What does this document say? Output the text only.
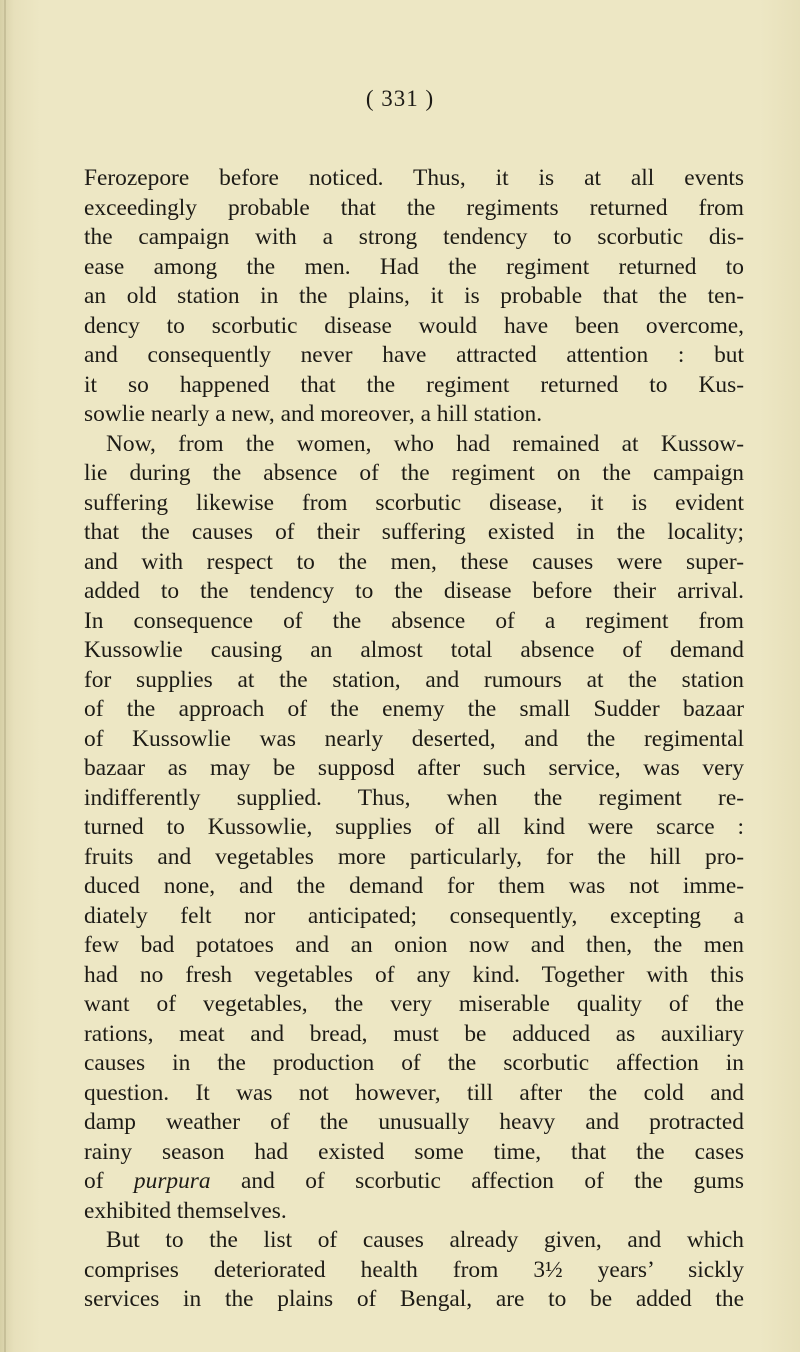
( 331 )
Ferozepore before noticed. Thus, it is at all events
exceedingly probable that the regiments returned from
the campaign with a strong tendency to scorbutic dis-
ease among the men. Had the regiment returned to
an old station in the plains, it is probable that the ten-
dency to scorbutic disease would have been overcome,
and consequently never have attracted attention : but
it so happened that the regiment returned to Kus-
sowlie nearly a new, and moreover, a hill station.
Now, from the women, who had remained at Kussow-
lie during the absence of the regiment on the campaign
suffering likewise from scorbutic disease, it is evident
that the causes of their suffering existed in the locality;
and with respect to the men, these causes were super-
added to the tendency to the disease before their arrival.
In consequence of the absence of a regiment from
Kussowlie causing an almost total absence of demand
for supplies at the station, and rumours at the station
of the approach of the enemy the small Sudder bazaar
of Kussowlie was nearly deserted, and the regimental
bazaar as may be supposd after such service, was very
indifferently supplied. Thus, when the regiment re-
turned to Kussowlie, supplies of all kind were scarce :
fruits and vegetables more particularly, for the hill pro-
duced none, and the demand for them was not imme-
diately felt nor anticipated; consequently, excepting a
few bad potatoes and an onion now and then, the men
had no fresh vegetables of any kind. Together with this
want of vegetables, the very miserable quality of the
rations, meat and bread, must be adduced as auxiliary
causes in the production of the scorbutic affection in
question. It was not however, till after the cold and
damp weather of the unusually heavy and protracted
rainy season had existed some time, that the cases
of purpura and of scorbutic affection of the gums
exhibited themselves.
But to the list of causes already given, and which
comprises deteriorated health from 3½ years’ sickly
services in the plains of Bengal, are to be added the
